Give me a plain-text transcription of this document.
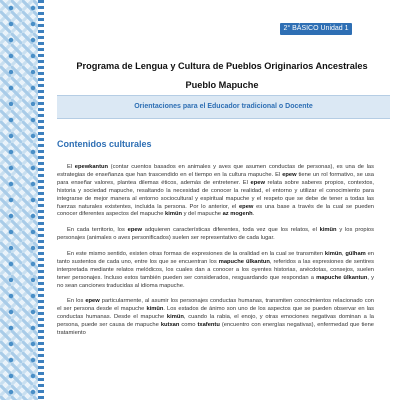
2° BÁSICO Unidad 1
Programa de Lengua y Cultura de Pueblos Originarios Ancestrales
Pueblo Mapuche
Orientaciones para el Educador tradicional o Docente
Contenidos culturales

El epewkantun (contar cuentos basados en animales y aves que asumen conductas de personas), es una de las estrategias de enseñanza que han trascendido en el tiempo en la cultura mapuche. El epew tiene un rol formativo, se usa para enseñar valores, plantea dilemas éticos, además de entretener. El epew relata sobre saberes propios, contextos, historia y sociedad mapuche, resaltando la necesidad de conocer la realidad, el entorno y utilizar el conocimiento para integrarse de mejor manera al entorno sociocultural y espiritual mapuche y el respeto que se debe de tener a todas las fuerzas naturales existentes, incluida la persona. Por lo anterior, el epew es una base a través de la cual se pueden conocer diferentes aspectos del mapuche kimün y del mapuche az mogenh.

En cada territorio, los epew adquieren características diferentes, toda vez que los relatos, el kimün y los propios personajes (animales o aves personificados) suelen ser representativo de cada lugar.

En este mismo sentido, existen otras formas de expresiones de la oralidad en la cual se transmiten kimün, gülham en tanto sustentos de cada uno, entre los que se encuentran los mapuche ülkantun, referidos a las expresiones de sentires interpretada mediante relatos melódicos, los cuales dan a conocer a los oyentes historias, anécdotas, consejos, suelen tener personajes. Incluso estos también pueden ser considerados, resguardando que respondan a mapuche ülkantun, y no sean canciones traducidas al idioma mapuche.

En los epew particularmente, al asumir los personajes conductas humanas, transmiten conocimientos relacionado con el ser persona desde el mapuche kimün. Los estados de ánimo son uno de los aspectos que se pueden observar en las conductas humanas. Desde el mapuche kimün, cuando la rabia, el enojo, y otras emociones negativas dominan a la persona, puede ser causa de mapuche kutxan como txafentu (encuentro con energías negativas), enfermedad que tiene tratamiento
